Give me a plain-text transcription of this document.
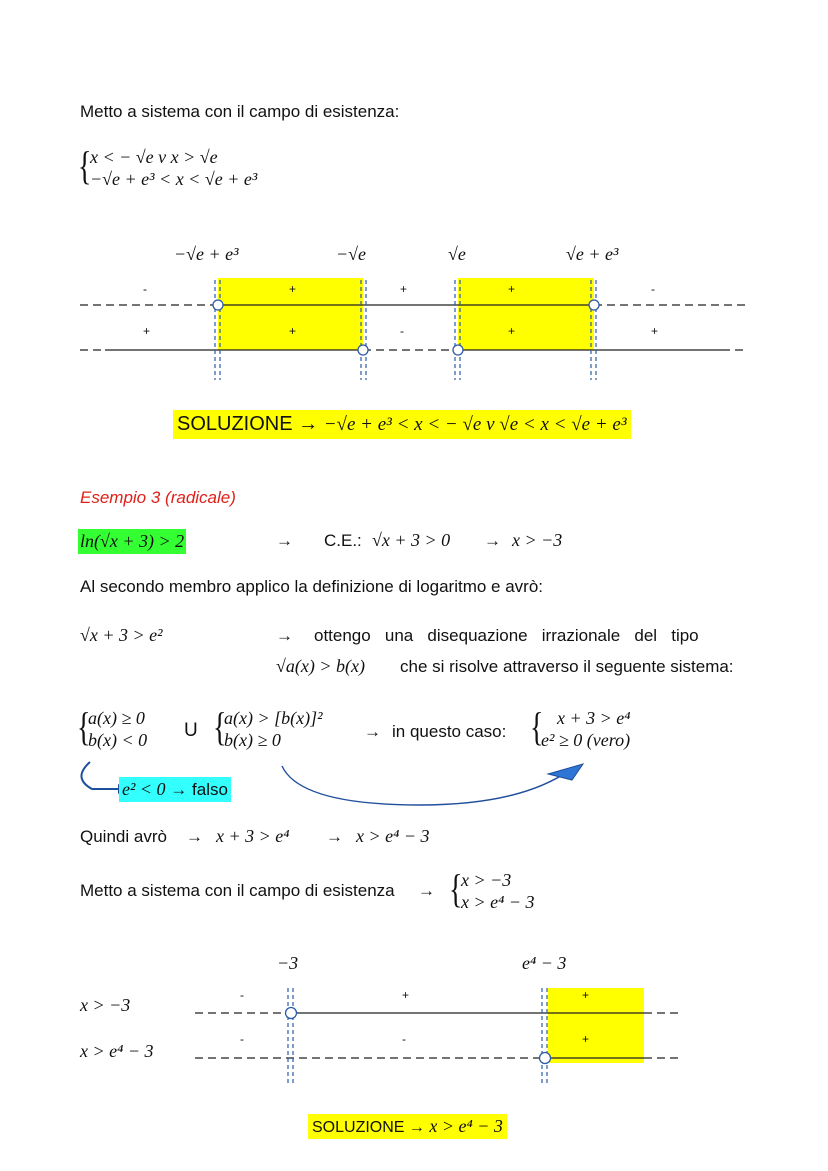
Metto a sistema con il campo di esistenza:
{
x < − √e v x > √e
−√e + e³ < x < √e + e³
−√e + e³	−√e	√e	√e + e³
-	+	+	+	-
+	+	-	+	+
SOLUZIONE → −√e + e³ < x < − √e v √e < x < √e + e³
Esempio 3 (radicale)
ln(√x + 3) > 2	→ C.E.: √x + 3 > 0 → x > −3
Al secondo membro applico la definizione di logaritmo e avrò:
√x + 3 > e²	→ ottengo   una   disequazione   irrazionale   del   tipo
√a(x) > b(x) che si risolve attraverso il seguente sistema:
{
a(x) ≥ 0
b(x) < 0 U {
a(x) > [b(x)]²
b(x) ≥ 0	→ in questo caso: { x + 3 > e⁴
e² ≥ 0 (vero)
e² < 0 → falso
Quindi avrò → x + 3 > e⁴ → x > e⁴ − 3
Metto a sistema con il campo di esistenza → {
x > −3
x > e⁴ − 3
−3	e⁴ − 3
x > −3
x > e⁴ − 3
-	+	+
-	-	+
SOLUZIONE → x > e⁴ − 3
